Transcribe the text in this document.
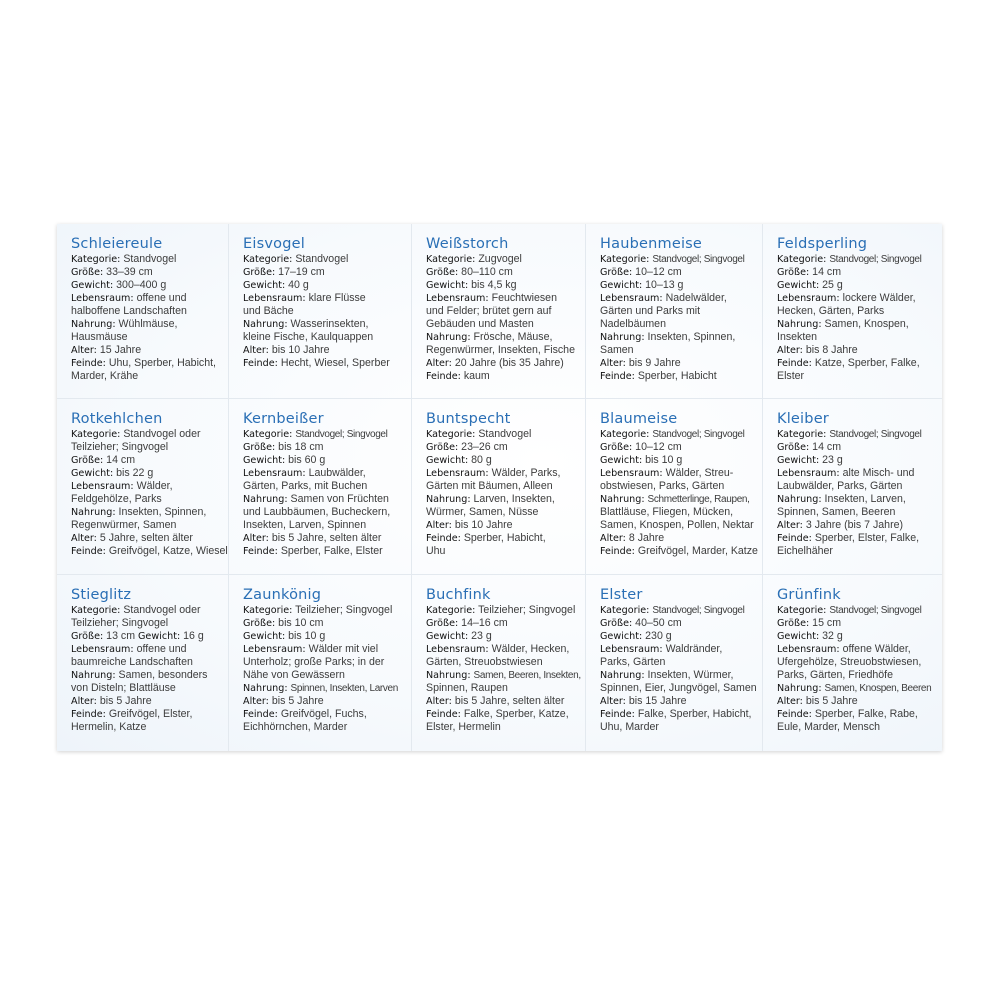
Schleiereule
Kategorie: Standvogel
Größe: 33–39 cm
Gewicht: 300–400 g
Lebensraum: offene und
halboffene Landschaften
Nahrung: Wühlmäuse,
Hausmäuse
Alter: 15 Jahre
Feinde: Uhu, Sperber, Habicht,
Marder, Krähe
Eisvogel
Kategorie: Standvogel
Größe: 17–19 cm
Gewicht: 40 g
Lebensraum: klare Flüsse
und Bäche
Nahrung: Wasserinsekten,
kleine Fische, Kaulquappen
Alter: bis 10 Jahre
Feinde: Hecht, Wiesel, Sperber
Weißstorch
Kategorie: Zugvogel
Größe: 80–110 cm
Gewicht: bis 4,5 kg
Lebensraum: Feuchtwiesen
und Felder; brütet gern auf
Gebäuden und Masten
Nahrung: Frösche, Mäuse,
Regenwürmer, Insekten, Fische
Alter: 20 Jahre (bis 35 Jahre)
Feinde: kaum
Haubenmeise
Kategorie: Standvogel; Singvogel
Größe: 10–12 cm
Gewicht: 10–13 g
Lebensraum: Nadelwälder,
Gärten und Parks mit
Nadelbäumen
Nahrung: Insekten, Spinnen,
Samen
Alter: bis 9 Jahre
Feinde: Sperber, Habicht
Feldsperling
Kategorie: Standvogel; Singvogel
Größe: 14 cm
Gewicht: 25 g
Lebensraum: lockere Wälder,
Hecken, Gärten, Parks
Nahrung: Samen, Knospen,
Insekten
Alter: bis 8 Jahre
Feinde: Katze, Sperber, Falke,
Elster
Rotkehlchen
Kategorie: Standvogel oder
Teilzieher; Singvogel
Größe: 14 cm
Gewicht: bis 22 g
Lebensraum: Wälder,
Feldgehölze, Parks
Nahrung: Insekten, Spinnen,
Regenwürmer, Samen
Alter: 5 Jahre, selten älter
Feinde: Greifvögel, Katze, Wiesel
Kernbeißer
Kategorie: Standvogel; Singvogel
Größe: bis 18 cm
Gewicht: bis 60 g
Lebensraum: Laubwälder,
Gärten, Parks, mit Buchen
Nahrung: Samen von Früchten
und Laubbäumen, Bucheckern,
Insekten, Larven, Spinnen
Alter: bis 5 Jahre, selten älter
Feinde: Sperber, Falke, Elster
Buntspecht
Kategorie: Standvogel
Größe: 23–26 cm
Gewicht: 80 g
Lebensraum: Wälder, Parks,
Gärten mit Bäumen, Alleen
Nahrung: Larven, Insekten,
Würmer, Samen, Nüsse
Alter: bis 10 Jahre
Feinde: Sperber, Habicht,
Uhu
Blaumeise
Kategorie: Standvogel; Singvogel
Größe: 10–12 cm
Gewicht: bis 10 g
Lebensraum: Wälder, Streu-
obstwiesen, Parks, Gärten
Nahrung: Schmetterlinge, Raupen,
Blattläuse, Fliegen, Mücken,
Samen, Knospen, Pollen, Nektar
Alter: 8 Jahre
Feinde: Greifvögel, Marder, Katze
Kleiber
Kategorie: Standvogel; Singvogel
Größe: 14 cm
Gewicht: 23 g
Lebensraum: alte Misch- und
Laubwälder, Parks, Gärten
Nahrung: Insekten, Larven,
Spinnen, Samen, Beeren
Alter: 3 Jahre (bis 7 Jahre)
Feinde: Sperber, Elster, Falke,
Eichelhäher
Stieglitz
Kategorie: Standvogel oder
Teilzieher; Singvogel
Größe: 13 cm Gewicht: 16 g
Lebensraum: offene und
baumreiche Landschaften
Nahrung: Samen, besonders
von Disteln; Blattläuse
Alter: bis 5 Jahre
Feinde: Greifvögel, Elster,
Hermelin, Katze
Zaunkönig
Kategorie: Teilzieher; Singvogel
Größe: bis 10 cm
Gewicht: bis 10 g
Lebensraum: Wälder mit viel
Unterholz; große Parks; in der
Nähe von Gewässern
Nahrung: Spinnen, Insekten, Larven
Alter: bis 5 Jahre
Feinde: Greifvögel, Fuchs,
Eichhörnchen, Marder
Buchfink
Kategorie: Teilzieher; Singvogel
Größe: 14–16 cm
Gewicht: 23 g
Lebensraum: Wälder, Hecken,
Gärten, Streuobstwiesen
Nahrung: Samen, Beeren, Insekten,
Spinnen, Raupen
Alter: bis 5 Jahre, selten älter
Feinde: Falke, Sperber, Katze,
Elster, Hermelin
Elster
Kategorie: Standvogel; Singvogel
Größe: 40–50 cm
Gewicht: 230 g
Lebensraum: Waldränder,
Parks, Gärten
Nahrung: Insekten, Würmer,
Spinnen, Eier, Jungvögel, Samen
Alter: bis 15 Jahre
Feinde: Falke, Sperber, Habicht,
Uhu, Marder
Grünfink
Kategorie: Standvogel; Singvogel
Größe: 15 cm
Gewicht: 32 g
Lebensraum: offene Wälder,
Ufergehölze, Streuobstwiesen,
Parks, Gärten, Friedhöfe
Nahrung: Samen, Knospen, Beeren
Alter: bis 5 Jahre
Feinde: Sperber, Falke, Rabe,
Eule, Marder, Mensch
